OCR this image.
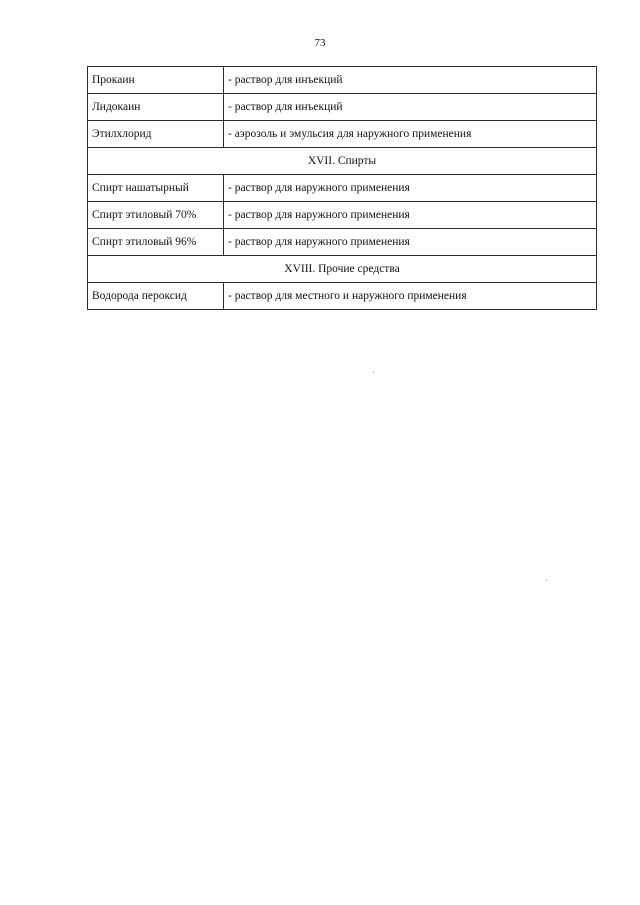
73
Прокаин	- раствор для инъекций
Лидокаин	- раствор для инъекций
Этилхлорид	- аэрозоль и эмульсия для наружного применения
XVII. Спирты	
Спирт нашатырный	- раствор для наружного применения
Спирт этиловый 70%	- раствор для наружного применения
Спирт этиловый 96%	- раствор для наружного применения
XVIII. Прочие средства	
Водорода пероксид	- раствор для местного и наружного применения
